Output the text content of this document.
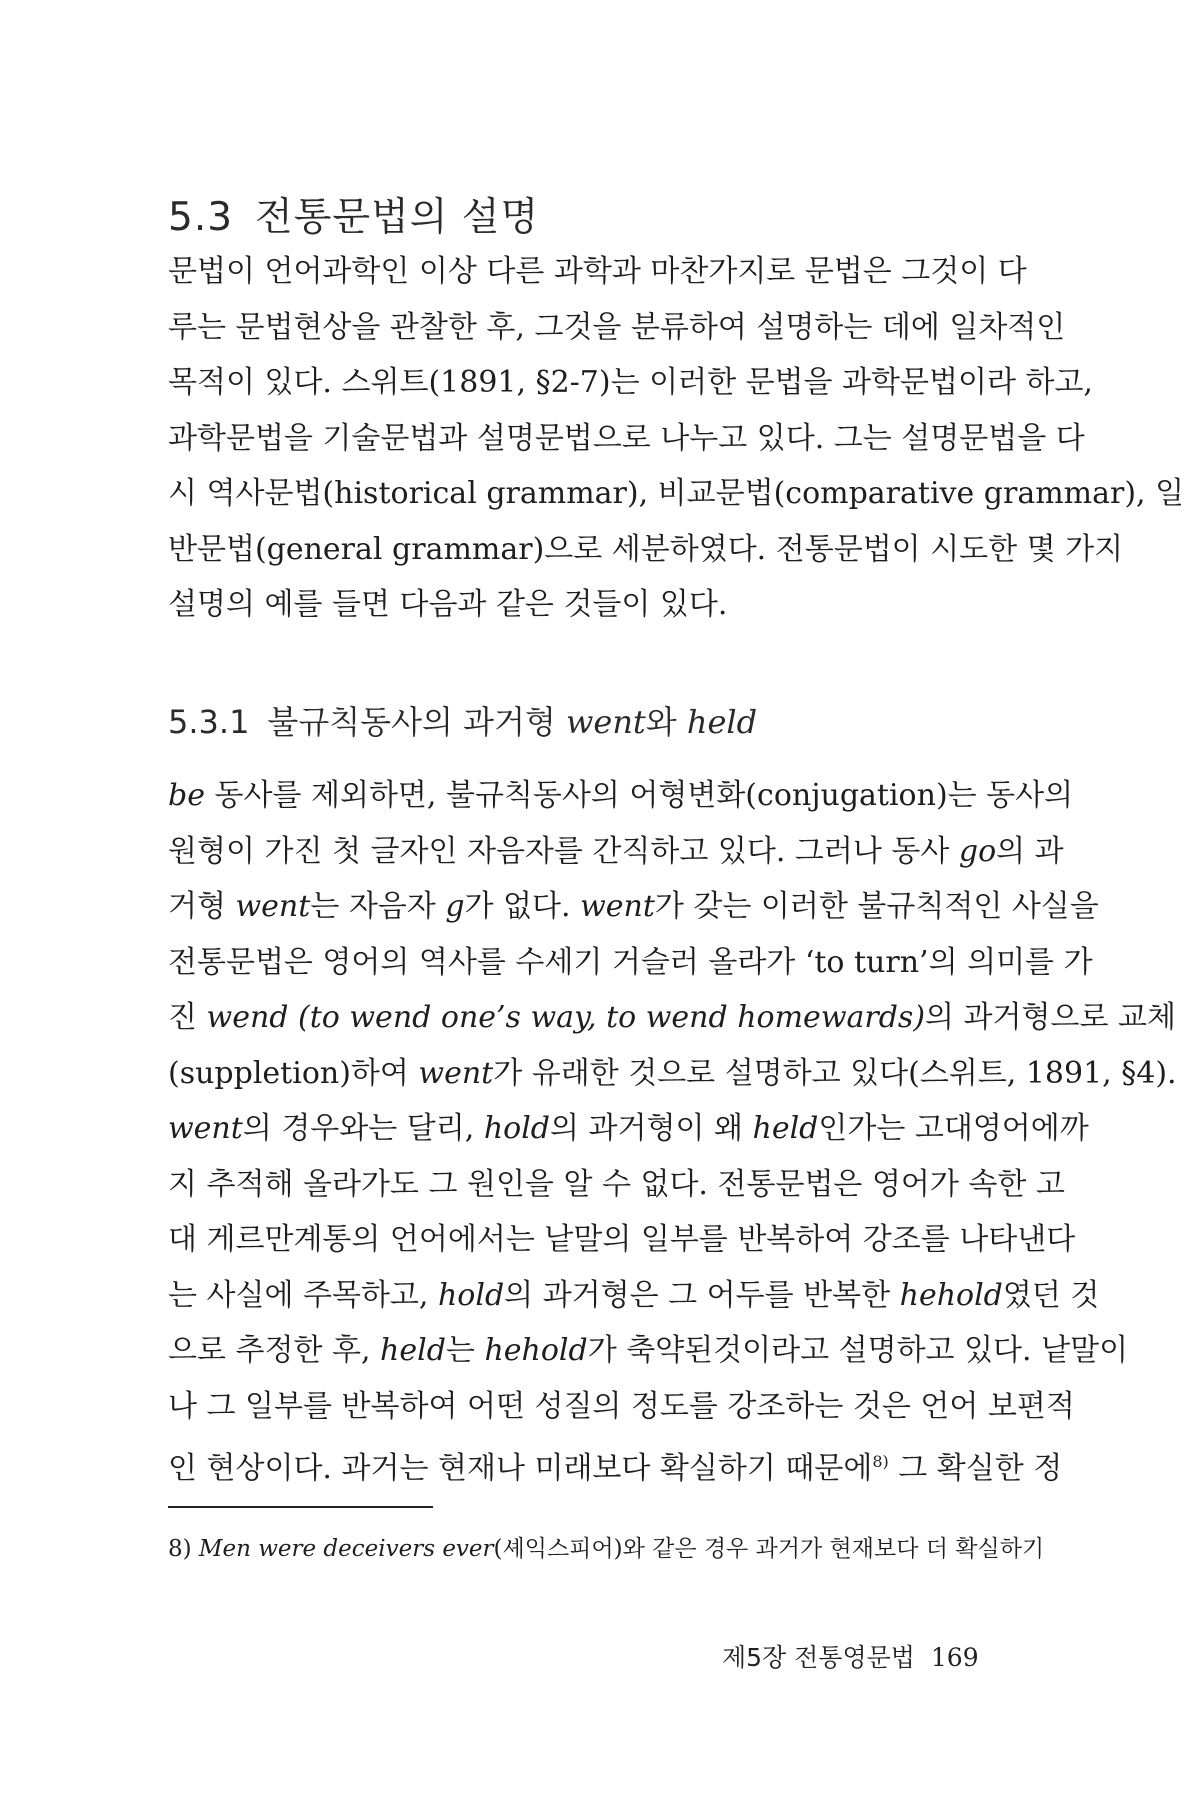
5.3 전통문법의 설명
문법이 언어과학인 이상 다른 과학과 마찬가지로 문법은 그것이 다
루는 문법현상을 관찰한 후, 그것을 분류하여 설명하는 데에 일차적인
목적이 있다. 스위트(1891, §2-7)는 이러한 문법을 과학문법이라 하고,
과학문법을 기술문법과 설명문법으로 나누고 있다. 그는 설명문법을 다
시 역사문법(historical grammar), 비교문법(comparative grammar), 일
반문법(general grammar)으로 세분하였다. 전통문법이 시도한 몇 가지
설명의 예를 들면 다음과 같은 것들이 있다.
5.3.1 불규칙동사의 과거형 went와 held
be 동사를 제외하면, 불규칙동사의 어형변화(conjugation)는 동사의
원형이 가진 첫 글자인 자음자를 간직하고 있다. 그러나 동사 go의 과
거형 went는 자음자 g가 없다. went가 갖는 이러한 불규칙적인 사실을
전통문법은 영어의 역사를 수세기 거슬러 올라가 ‘to turn’의 의미를 가
진 wend (to wend one’s way, to wend homewards)의 과거형으로 교체
(suppletion)하여 went가 유래한 것으로 설명하고 있다(스위트, 1891, §4).
went의 경우와는 달리, hold의 과거형이 왜 held인가는 고대영어에까
지 추적해 올라가도 그 원인을 알 수 없다. 전통문법은 영어가 속한 고
대 게르만계통의 언어에서는 낱말의 일부를 반복하여 강조를 나타낸다
는 사실에 주목하고, hold의 과거형은 그 어두를 반복한 hehold였던 것
으로 추정한 후, held는 hehold가 축약된것이라고 설명하고 있다. 낱말이
나 그 일부를 반복하여 어떤 성질의 정도를 강조하는 것은 언어 보편적
인 현상이다. 과거는 현재나 미래보다 확실하기 때문에$^{8)}$ 그 확실한 정
8) Men were deceivers ever(셰익스피어)와 같은 경우 과거가 현재보다 더 확실하기
제5장 전통영문법 169
